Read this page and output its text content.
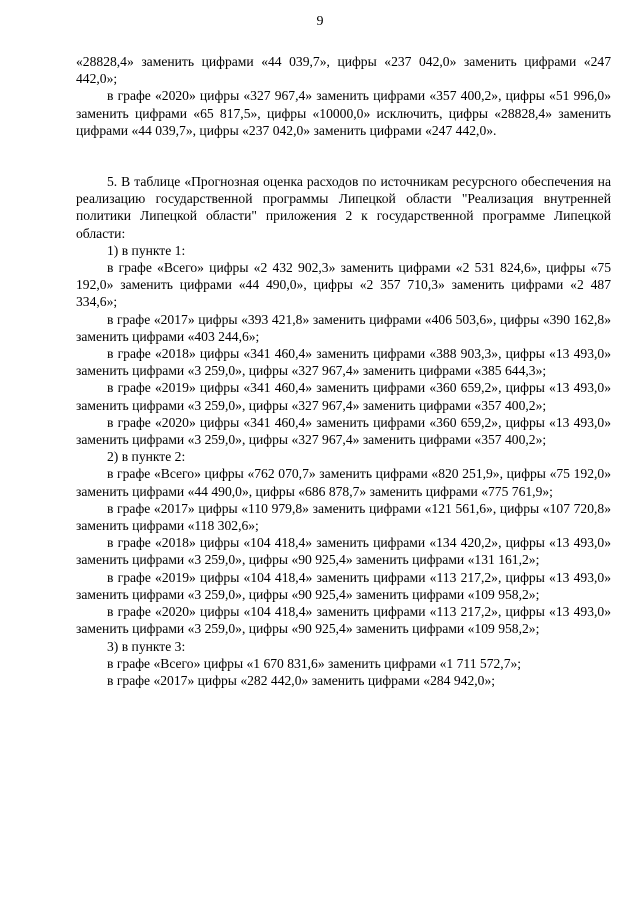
9

«28828,4» заменить цифрами «44 039,7», цифры «237 042,0» заменить цифрами «247 442,0»;

в графе «2020» цифры «327 967,4» заменить цифрами «357 400,2», цифры «51 996,0» заменить цифрами «65 817,5», цифры «10000,0» исключить, цифры «28828,4» заменить цифрами «44 039,7», цифры «237 042,0» заменить цифрами «247 442,0».

5. В таблице «Прогнозная оценка расходов по источникам ресурсного обеспечения на реализацию государственной программы Липецкой области "Реализация внутренней политики Липецкой области" приложения 2 к государственной программе Липецкой области:

1) в пункте 1:

в графе «Всего» цифры «2 432 902,3» заменить цифрами «2 531 824,6», цифры «75 192,0» заменить цифрами «44 490,0», цифры «2 357 710,3» заменить цифрами «2 487 334,6»;

в графе «2017» цифры «393 421,8» заменить цифрами «406 503,6», цифры «390 162,8» заменить цифрами «403 244,6»;

в графе «2018» цифры «341 460,4» заменить цифрами «388 903,3», цифры «13 493,0» заменить цифрами «3 259,0», цифры «327 967,4» заменить цифрами «385 644,3»;

в графе «2019» цифры «341 460,4» заменить цифрами «360 659,2», цифры «13 493,0» заменить цифрами «3 259,0», цифры «327 967,4» заменить цифрами «357 400,2»;

в графе «2020» цифры «341 460,4» заменить цифрами «360 659,2», цифры «13 493,0» заменить цифрами «3 259,0», цифры «327 967,4» заменить цифрами «357 400,2»;

2) в пункте 2:

в графе «Всего» цифры «762 070,7» заменить цифрами «820 251,9», цифры «75 192,0» заменить цифрами «44 490,0», цифры «686 878,7» заменить цифрами «775 761,9»;

в графе «2017» цифры «110 979,8» заменить цифрами «121 561,6», цифры «107 720,8» заменить цифрами «118 302,6»;

в графе «2018» цифры «104 418,4» заменить цифрами «134 420,2», цифры «13 493,0» заменить цифрами «3 259,0», цифры «90 925,4» заменить цифрами «131 161,2»;

в графе «2019» цифры «104 418,4» заменить цифрами «113 217,2», цифры «13 493,0» заменить цифрами «3 259,0», цифры «90 925,4» заменить цифрами «109 958,2»;

в графе «2020» цифры «104 418,4» заменить цифрами «113 217,2», цифры «13 493,0» заменить цифрами «3 259,0», цифры «90 925,4» заменить цифрами «109 958,2»;

3) в пункте 3:

в графе «Всего» цифры «1 670 831,6» заменить цифрами «1 711 572,7»;

в графе «2017» цифры «282 442,0» заменить цифрами «284 942,0»;
